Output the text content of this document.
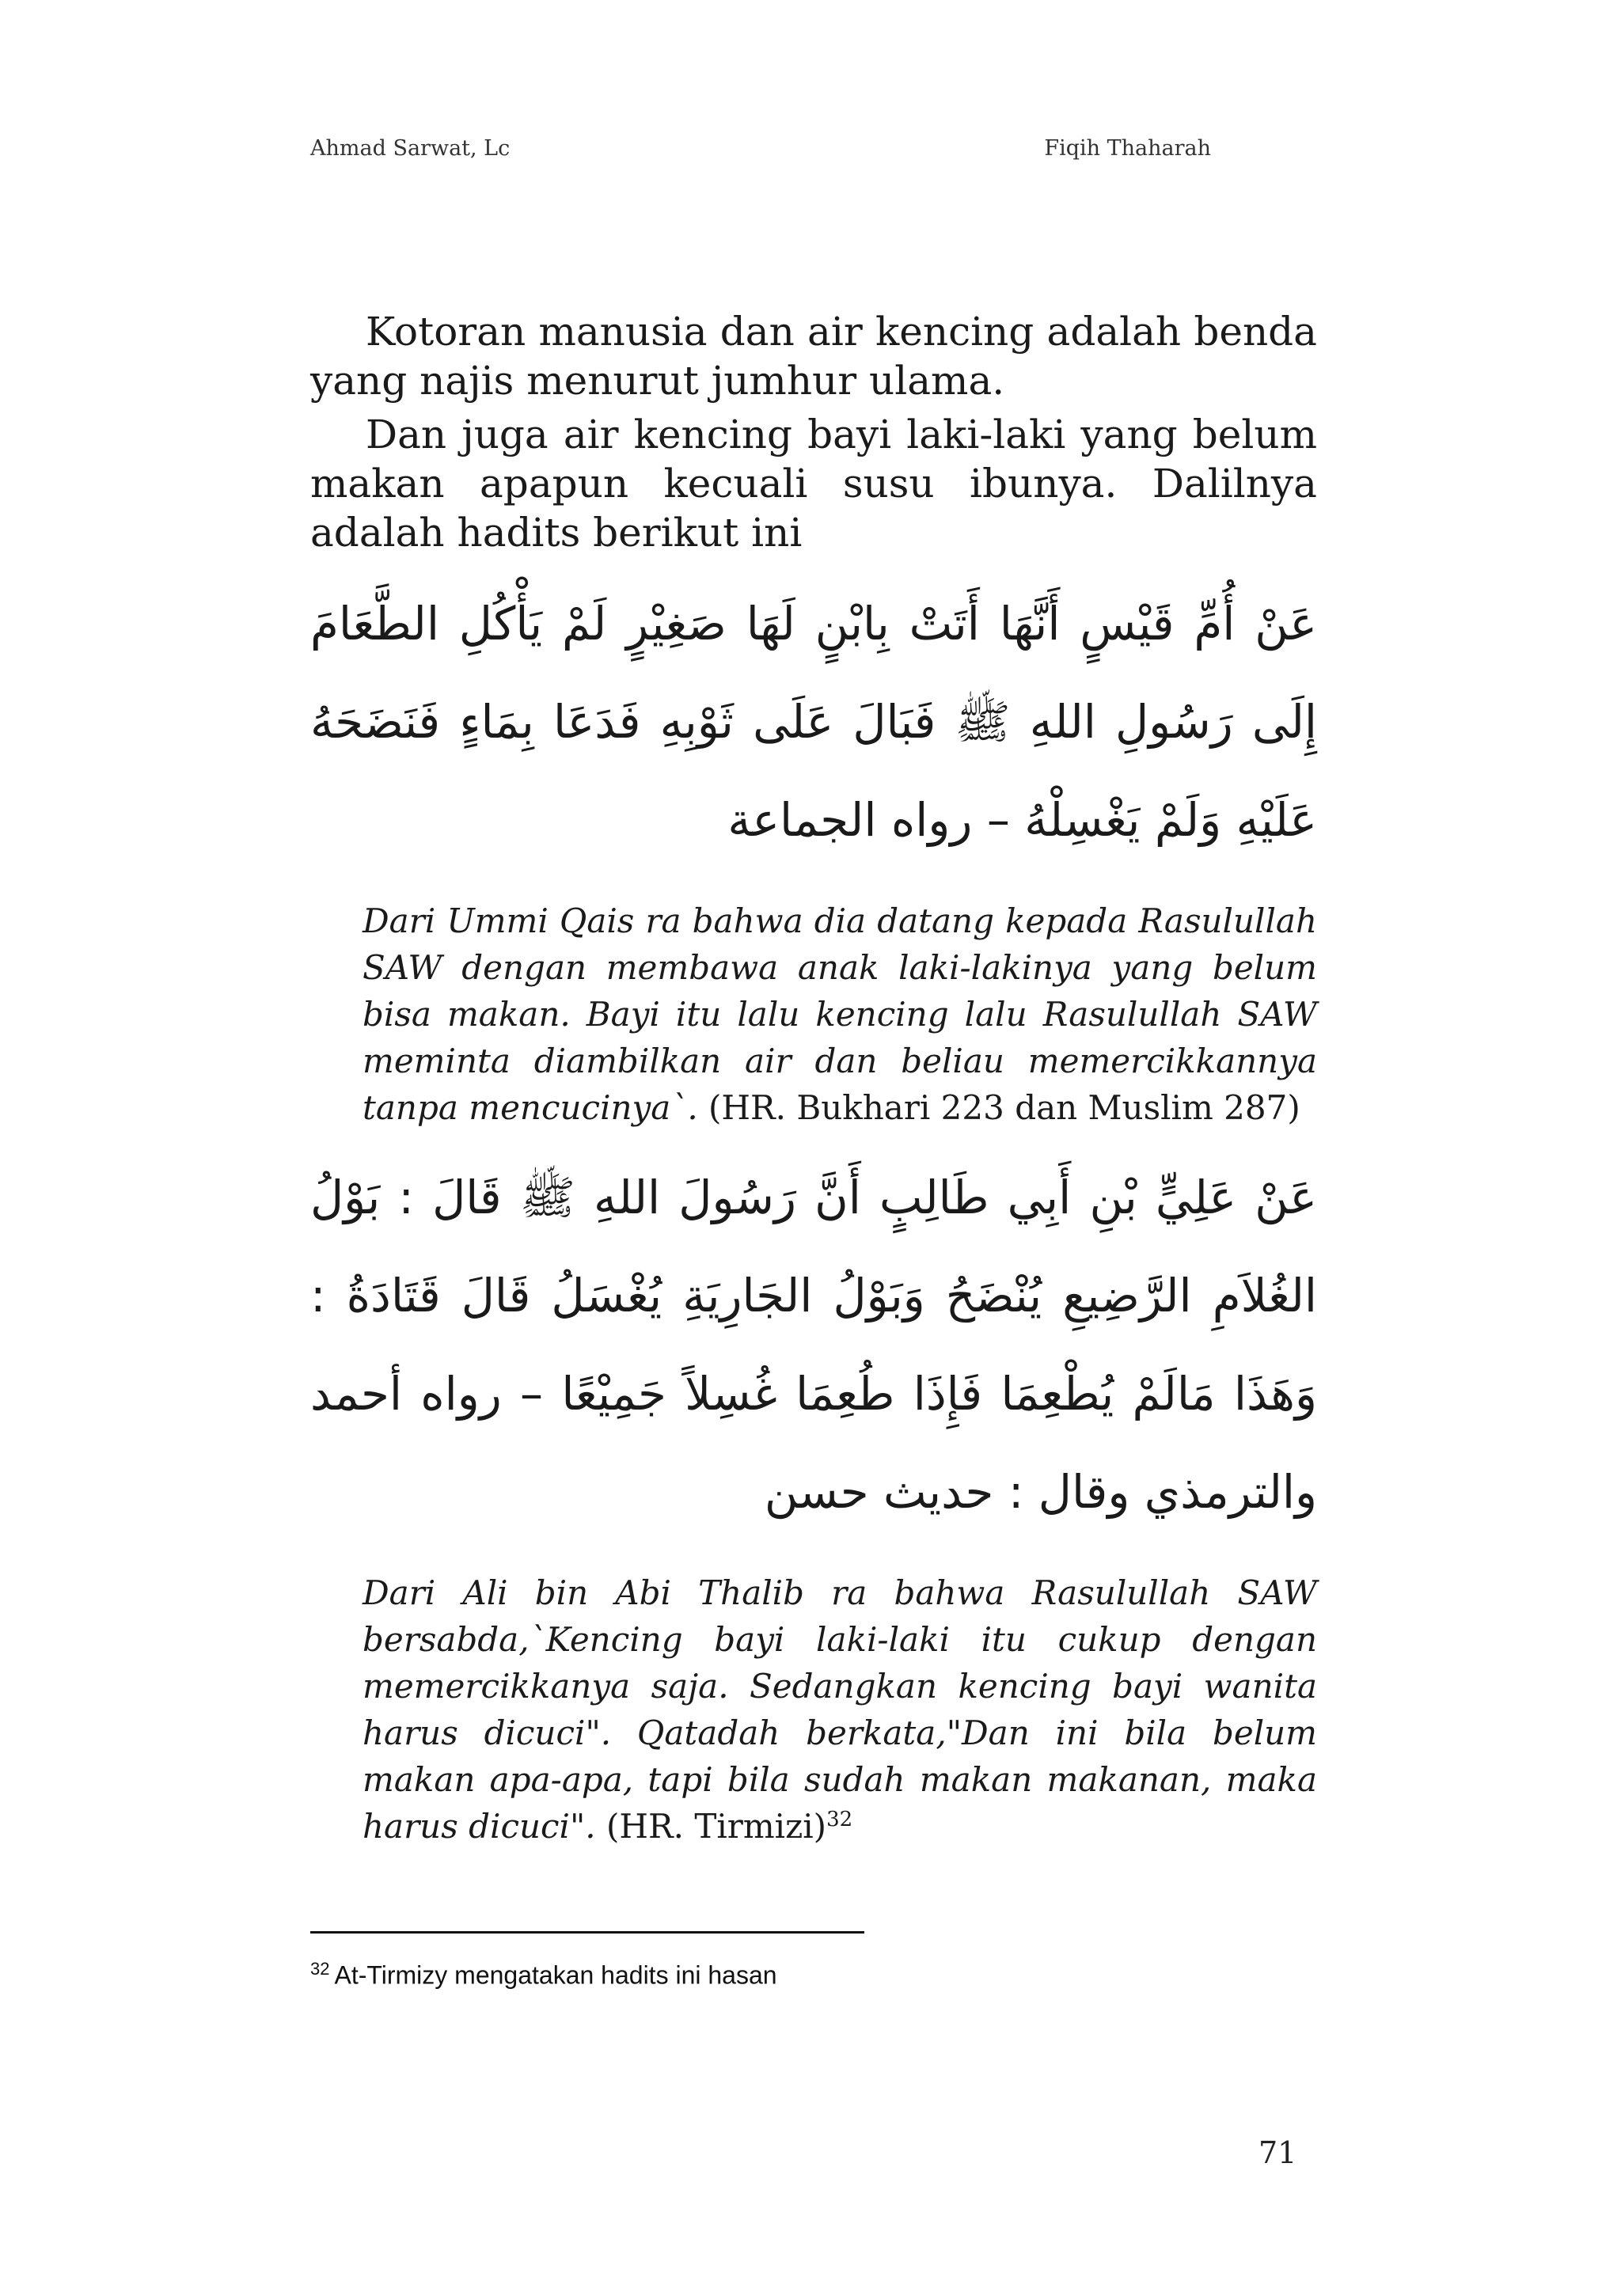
Ahmad Sarwat, Lc	Fiqih Thaharah

Kotoran manusia dan air kencing adalah benda yang najis menurut jumhur ulama.

Dan juga air kencing bayi laki-laki yang belum makan apapun kecuali susu ibunya. Dalilnya adalah hadits berikut ini

عَنْ أُمِّ قَيْسٍ أَنَّهَا أَتَتْ بِابْنٍ لَهَا صَغِيْرٍ لَمْ يَأْكُلِ الطَّعَامَ إِلَى رَسُولِ اللهِ ﷺ فَبَالَ عَلَى ثَوْبِهِ فَدَعَا بِمَاءٍ فَنَضَحَهُ عَلَيْهِ وَلَمْ يَغْسِلْهُ – رواه الجماعة
Dari Ummi Qais ra bahwa dia datang kepada Rasulullah SAW dengan membawa anak laki-lakinya yang belum bisa makan. Bayi itu lalu kencing lalu Rasulullah SAW meminta diambilkan air dan beliau memercikkannya tanpa mencucinya`. (HR. Bukhari 223 dan Muslim 287)
عَنْ عَلِيٍّ بْنِ أَبِي طَالِبٍ أَنَّ رَسُولَ اللهِ ﷺ قَالَ : بَوْلُ الغُلاَمِ الرَّضِيعِ يُنْضَحُ وَبَوْلُ الجَارِيَةِ يُغْسَلُ قَالَ قَتَادَةُ : وَهَذَا مَالَمْ يُطْعِمَا فَإِذَا طُعِمَا غُسِلاً جَمِيْعًا – رواه أحمد والترمذي وقال : حديث حسن
Dari Ali bin Abi Thalib ra bahwa Rasulullah SAW bersabda,`Kencing bayi laki-laki itu cukup dengan memercikkanya saja. Sedangkan kencing bayi wanita harus dicuci". Qatadah berkata,"Dan ini bila belum makan apa-apa, tapi bila sudah makan makanan, maka harus dicuci". (HR. Tirmizi)$^{32}$
$^{32}$ At-Tirmizy mengatakan hadits ini hasan
71
